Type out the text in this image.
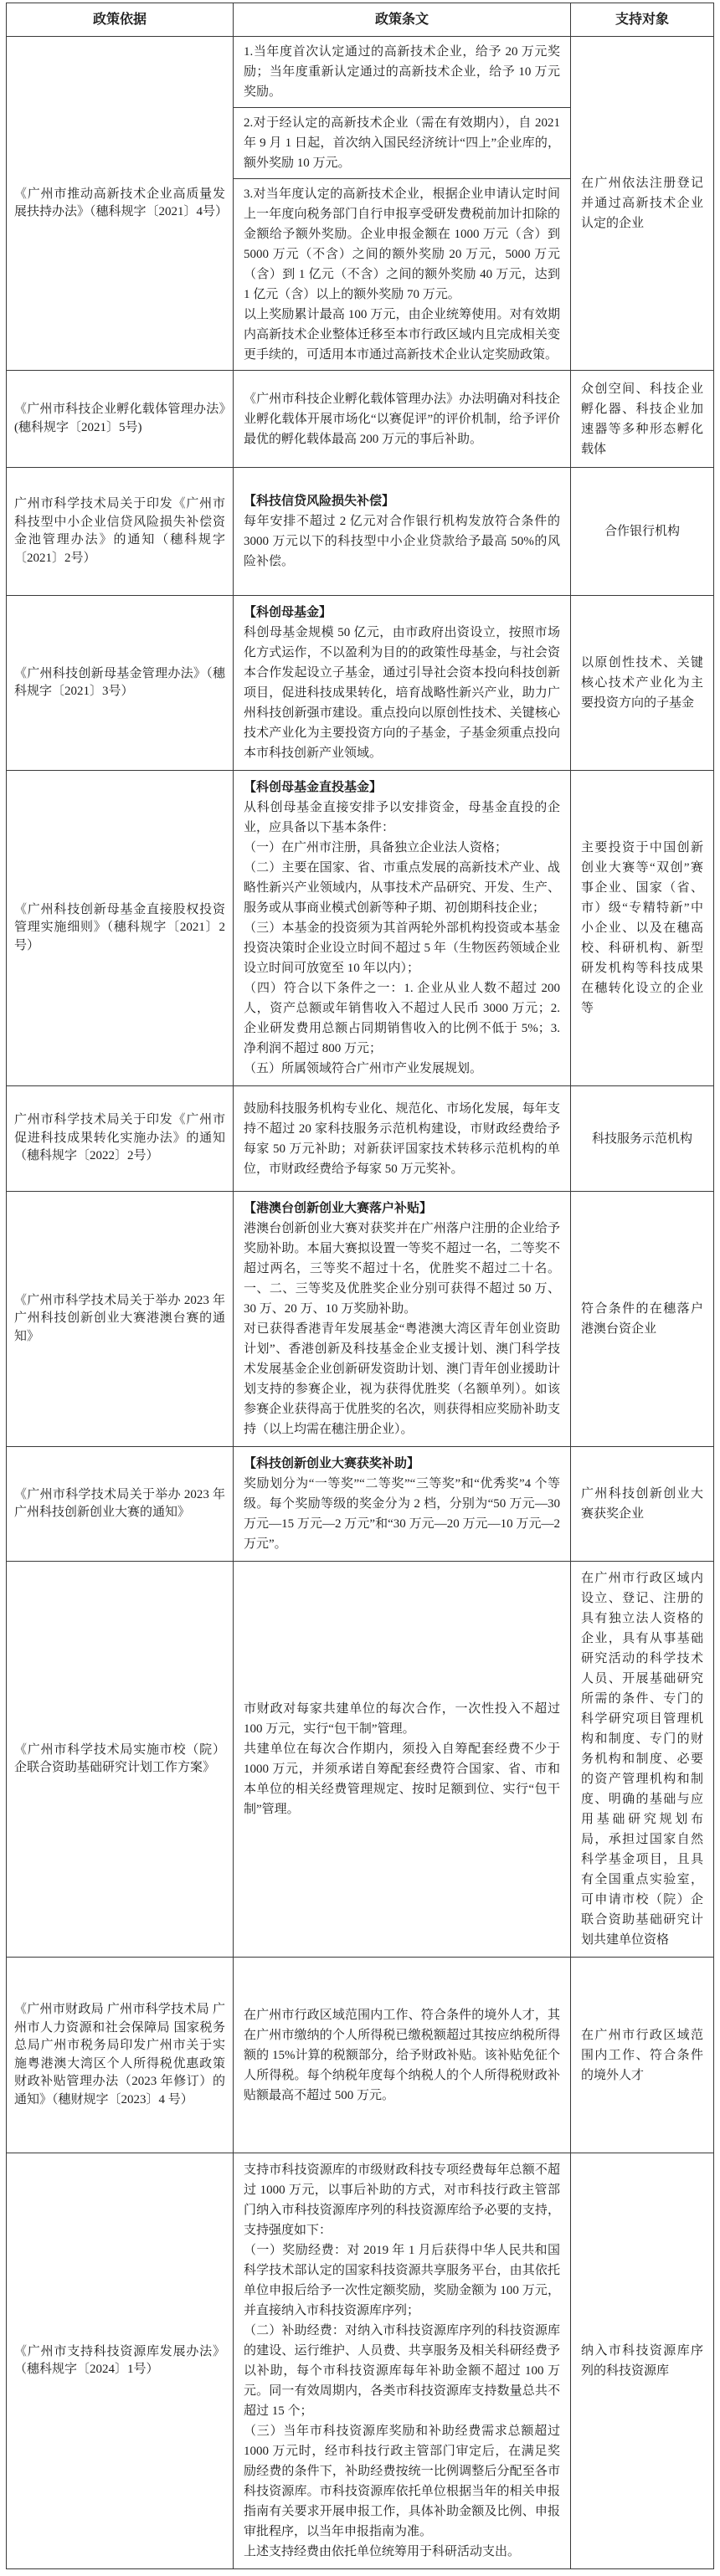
政策依据	政策条文	支持对象
《广州市推动高新技术企业高质量发展扶持办法》（穗科规字〔2021〕4号）

1.当年度首次认定通过的高新技术企业，给予 20 万元奖励；当年度重新认定通过的高新技术企业，给予 10 万元奖励。

2.对于经认定的高新技术企业（需在有效期内），自 2021 年 9 月 1 日起，首次纳入国民经济统计“四上”企业库的，额外奖励 10 万元。

3.对当年度认定的高新技术企业，根据企业申请认定时间上一年度向税务部门自行申报享受研发费税前加计扣除的金额给予额外奖励。企业申报金额在 1000 万元（含）到 5000 万元（不含）之间的额外奖励 20 万元，5000 万元（含）到 1 亿元（不含）之间的额外奖励 40 万元，达到 1 亿元（含）以上的额外奖励 70 万元。

以上奖励累计最高 100 万元，由企业统筹使用。对有效期内高新技术企业整体迁移至本市行政区域内且完成相关变更手续的，可适用本市通过高新技术企业认定奖励政策。

在广州依法注册登记并通过高新技术企业认定的企业
《广州市科技企业孵化载体管理办法》(穗科规字〔2021〕5号)

《广州市科技企业孵化载体管理办法》办法明确对科技企业孵化载体开展市场化“以赛促评”的评价机制，给予评价最优的孵化载体最高 200 万元的事后补助。

众创空间、科技企业孵化器、科技企业加速器等多种形态孵化载体
广州市科学技术局关于印发《广州市科技型中小企业信贷风险损失补偿资金池管理办法》的通知（穗科规字〔2021〕2号）

【科技信贷风险损失补偿】

每年安排不超过 2 亿元对合作银行机构发放符合条件的 3000 万元以下的科技型中小企业贷款给予最高 50%的风险补偿。

合作银行机构
《广州科技创新母基金管理办法》（穗科规字〔2021〕3号）

【科创母基金】

科创母基金规模 50 亿元，由市政府出资设立，按照市场化方式运作，不以盈利为目的的政策性母基金，与社会资本合作发起设立子基金，通过引导社会资本投向科技创新项目，促进科技成果转化，培育战略性新兴产业，助力广州科技创新强市建设。重点投向以原创性技术、关键核心技术产业化为主要投资方向的子基金，子基金须重点投向本市科技创新产业领域。

以原创性技术、关键核心技术产业化为主要投资方向的子基金
《广州科技创新母基金直接股权投资管理实施细则》（穗科规字〔2021〕2号）

【科创母基金直投基金】

从科创母基金直接安排予以安排资金，母基金直投的企业，应具备以下基本条件：

（一）在广州市注册，具备独立企业法人资格；

（二）主要在国家、省、市重点发展的高新技术产业、战略性新兴产业领域内，从事技术产品研究、开发、生产、服务或从事商业模式创新等种子期、初创期科技企业；

（三）本基金的投资须为其首两轮外部机构投资或本基金投资决策时企业设立时间不超过 5 年（生物医药领域企业设立时间可放宽至 10 年以内）；

（四）符合以下条件之一：1. 企业从业人数不超过 200 人，资产总额或年销售收入不超过人民币 3000 万元；2. 企业研发费用总额占同期销售收入的比例不低于 5%；3. 净利润不超过 800 万元；

（五）所属领域符合广州市产业发展规划。

主要投资于中国创新创业大赛等“双创”赛事企业、国家（省、市）级“专精特新”中小企业、以及在穗高校、科研机构、新型研发机构等科技成果在穗转化设立的企业等
广州市科学技术局关于印发《广州市促进科技成果转化实施办法》的通知（穗科规字〔2022〕2号）

鼓励科技服务机构专业化、规范化、市场化发展，每年支持不超过 20 家科技服务示范机构建设，市财政经费给予每家 50 万元补助；对新获评国家技术转移示范机构的单位，市财政经费给予每家 50 万元奖补。

科技服务示范机构
《广州市科学技术局关于举办 2023 年广州科技创新创业大赛港澳台赛的通知》

【港澳台创新创业大赛落户补贴】

港澳台创新创业大赛对获奖并在广州落户注册的企业给予奖励补助。本届大赛拟设置一等奖不超过一名，二等奖不超过两名，三等奖不超过十名，优胜奖不超过二十名。一、二、三等奖及优胜奖企业分别可获得不超过 50 万、30 万、20 万、10 万奖励补助。

对已获得香港青年发展基金“粤港澳大湾区青年创业资助计划”、香港创新及科技基金企业支援计划、澳门科学技术发展基金企业创新研发资助计划、澳门青年创业援助计划支持的参赛企业，视为获得优胜奖（名额单列）。如该参赛企业获得高于优胜奖的名次，则获得相应奖励补助支持（以上均需在穗注册企业）。

符合条件的在穗落户港澳台资企业
《广州市科学技术局关于举办 2023 年广州科技创新创业大赛的通知》

【科技创新创业大赛获奖补助】

奖励划分为“一等奖”“二等奖”“三等奖”和“优秀奖”4 个等级。每个奖励等级的奖金分为 2 档，分别为“50 万元—30 万元—15 万元—2 万元”和“30 万元—20 万元—10 万元—2 万元”。

广州科技创新创业大赛获奖企业
《广州市科学技术局实施市校（院）企联合资助基础研究计划工作方案》

市财政对每家共建单位的每次合作，一次性投入不超过 100 万元，实行“包干制”管理。

共建单位在每次合作期内，须投入自筹配套经费不少于 1000 万元，并须承诺自筹配套经费符合国家、省、市和本单位的相关经费管理规定、按时足额到位、实行“包干制”管理。

在广州市行政区域内设立、登记、注册的具有独立法人资格的企业，具有从事基础研究活动的科学技术人员、开展基础研究所需的条件、专门的科学研究项目管理机构和制度、专门的财务机构和制度、必要的资产管理机构和制度、明确的基础与应用基础研究规划布局，承担过国家自然科学基金项目，且具有全国重点实验室，可申请市校（院）企联合资助基础研究计划共建单位资格
《广州市财政局 广州市科学技术局 广州市人力资源和社会保障局 国家税务总局广州市税务局印发广州市关于实施粤港澳大湾区个人所得税优惠政策财政补贴管理办法（2023 年修订）的通知》（穗财规字〔2023〕4 号）

在广州市行政区域范围内工作、符合条件的境外人才，其在广州市缴纳的个人所得税已缴税额超过其按应纳税所得额的 15%计算的税额部分，给予财政补贴。该补贴免征个人所得税。每个纳税年度每个纳税人的个人所得税财政补贴额最高不超过 500 万元。

在广州市行政区域范围内工作、符合条件的境外人才
《广州市支持科技资源库发展办法》（穗科规字〔2024〕1号）

支持市科技资源库的市级财政科技专项经费每年总额不超过 1000 万元，以事后补助的方式，对市科技行政主管部门纳入市科技资源库序列的科技资源库给予必要的支持，支持强度如下：

（一）奖励经费：对 2019 年 1 月后获得中华人民共和国科学技术部认定的国家科技资源共享服务平台，由其依托单位申报后给予一次性定额奖励，奖励金额为 100 万元，并直接纳入市科技资源库序列；

（二）补助经费：对纳入市科技资源库序列的科技资源库的建设、运行维护、人员费、共享服务及相关科研经费予以补助，每个市科技资源库每年补助金额不超过 100 万元。同一有效周期内，各类市科技资源库支持数量总共不超过 15 个；

（三）当年市科技资源库奖励和补助经费需求总额超过 1000 万元时，经市科技行政主管部门审定后，在满足奖励经费的条件下，补助经费按统一比例调整后分配至各市科技资源库。市科技资源库依托单位根据当年的相关申报指南有关要求开展申报工作，具体补助金额及比例、申报审批程序，以当年申报指南为准。

上述支持经费由依托单位统筹用于科研活动支出。

纳入市科技资源库序列的科技资源库
